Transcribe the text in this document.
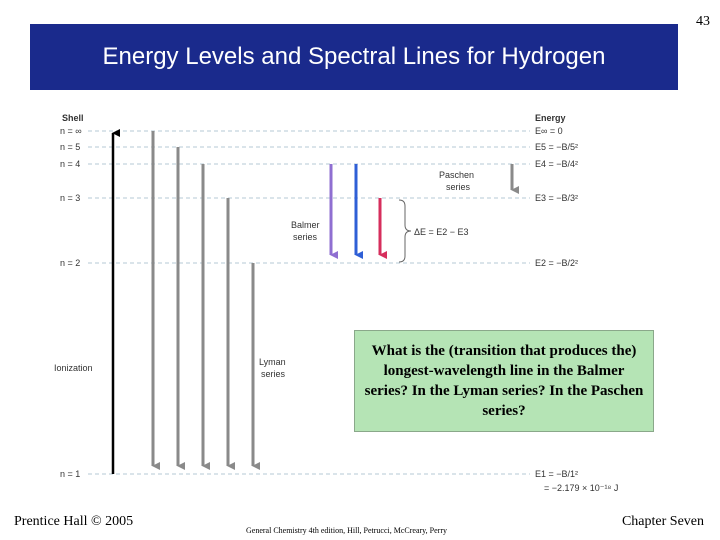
43
Energy Levels and Spectral Lines for Hydrogen
Shell	Energy
n = ∞
n = 5
n = 4
n = 3
n = 2
n = 1
E∞ = 0
E5 = −B/5²
E4 = −B/4²
E3 = −B/3²
E2 = −B/2²
E1 = −B/1²
= −2.179 × 10⁻¹⁸ J
Ionization
Lyman
series
Balmer
series	ΔE = E2 − E3
Paschen
series
What is the (transition that produces the) longest-wavelength line in the Balmer series? In the Lyman series? In the Paschen series?
Prentice Hall © 2005
General Chemistry 4th edition, Hill, Petrucci, McCreary, Perry
Chapter Seven
